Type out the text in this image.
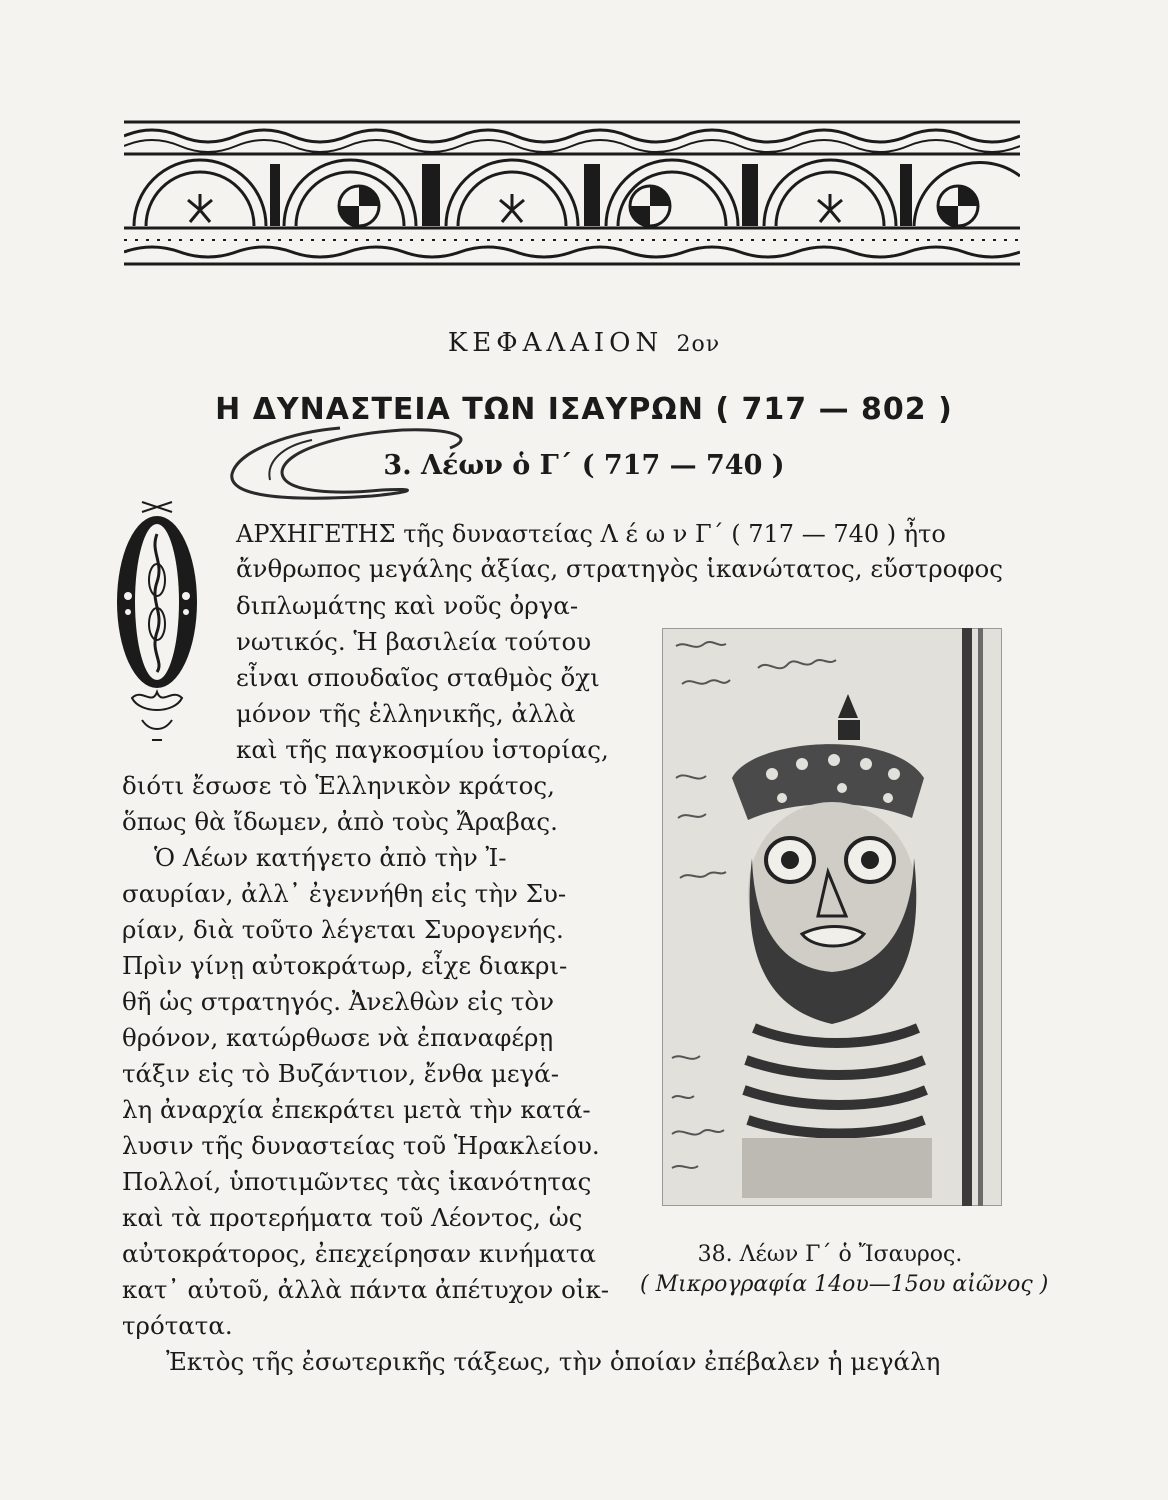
ΚΕΦΑΛΑΙΟΝ 2ον
Η ΔΥΝΑΣΤΕΙΑ ΤΩΝ ΙΣΑΥΡΩΝ ( 717 — 802 )
3. Λέων ὁ Γ΄ ( 717 — 740 )
Ο
ΑΡΧΗΓΕΤΗΣ τῆς δυναστείας Λ έ ω ν Γ΄ ( 717 — 740 ) ἦτο
ἄνθρωπος μεγάλης ἀξίας, στρατηγὸς ἱκανώτατος, εὔστροφος
διπλωμάτης καὶ νοῦς ὀργα-
νωτικός. Ἡ βασιλεία τούτου
εἶναι σπουδαῖος σταθμὸς ὄχι
μόνον τῆς ἑλληνικῆς, ἀλλὰ
καὶ τῆς παγκοσμίου ἱστορίας,
διότι ἔσωσε τὸ Ἑλληνικὸν κράτος,
ὅπως θὰ ἴδωμεν, ἀπὸ τοὺς Ἄραβας.
Ὁ Λέων κατήγετο ἀπὸ τὴν Ἰ-
σαυρίαν, ἀλλ᾽ ἐγεννήθη εἰς τὴν Συ-
ρίαν, διὰ τοῦτο λέγεται Συρογενής.
Πρὶν γίνῃ αὐτοκράτωρ, εἶχε διακρι-
θῆ ὡς στρατηγός. Ἀνελθὼν εἰς τὸν
θρόνον, κατώρθωσε νὰ ἐπαναφέρῃ
τάξιν εἰς τὸ Βυζάντιον, ἔνθα μεγά-
λη ἀναρχία ἐπεκράτει μετὰ τὴν κατά-
λυσιν τῆς δυναστείας τοῦ Ἡρακλείου.
Πολλοί, ὑποτιμῶντες τὰς ἱκανότητας
καὶ τὰ προτερήματα τοῦ Λέοντος, ὡς
αὐτοκράτορος, ἐπεχείρησαν κινήματα
κατ᾽ αὐτοῦ, ἀλλὰ πάντα ἀπέτυχον οἰκ-
τρότατα.
Ἐκτὸς τῆς ἐσωτερικῆς τάξεως, τὴν ὁποίαν ἐπέβαλεν ἡ μεγάλη
38. Λέων Γ΄ ὁ Ἴσαυρος.
( Μικρογραφία 14ου—15ου αἰῶνος )
